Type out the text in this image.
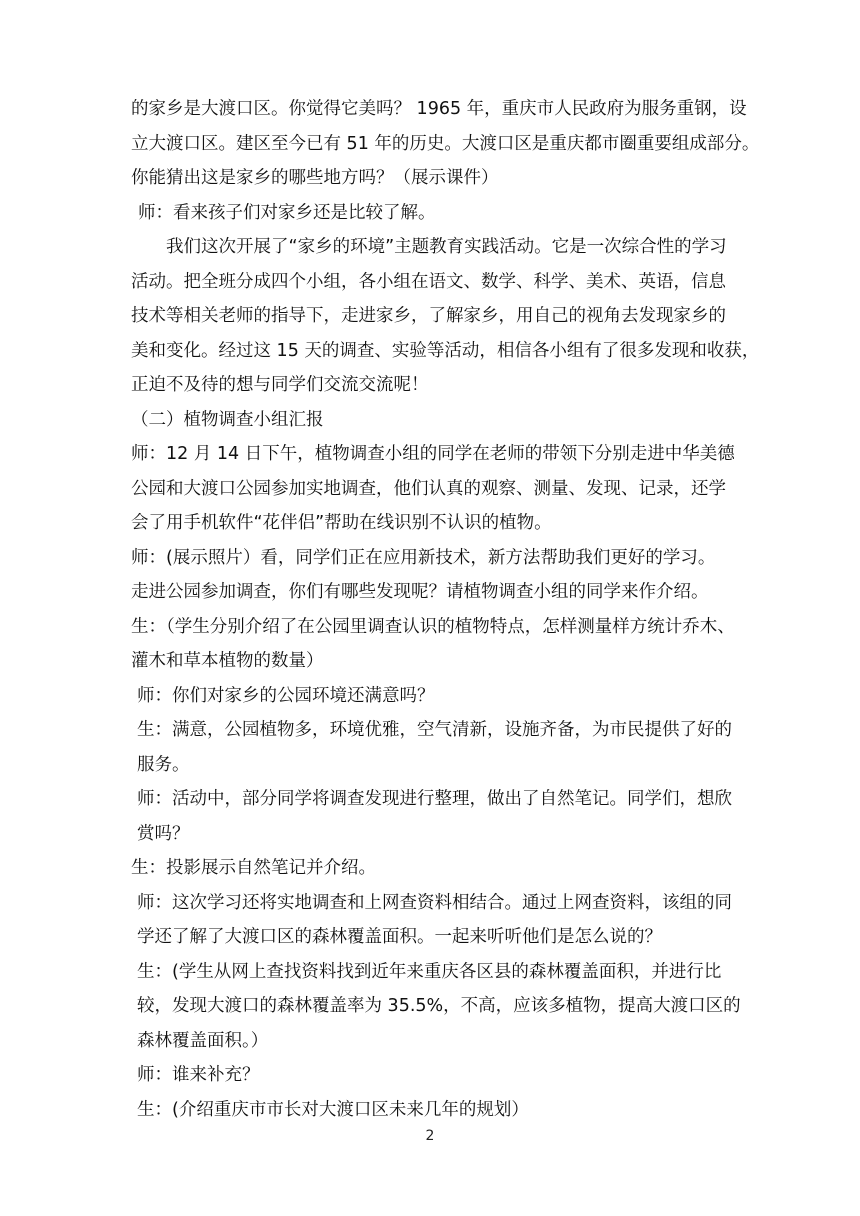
的家乡是大渡口区。你觉得它美吗？ 1965 年，重庆市人民政府为服务重钢，设
立大渡口区。建区至今已有 51 年的历史。大渡口区是重庆都市圈重要组成部分。
你能猜出这是家乡的哪些地方吗？（展示课件）
师：看来孩子们对家乡还是比较了解。
我们这次开展了“家乡的环境”主题教育实践活动。它是一次综合性的学习
活动。把全班分成四个小组，各小组在语文、数学、科学、美术、英语，信息
技术等相关老师的指导下，走进家乡，了解家乡，用自己的视角去发现家乡的
美和变化。经过这 15 天的调查、实验等活动，相信各小组有了很多发现和收获，
正迫不及待的想与同学们交流交流呢！
（二）植物调查小组汇报
师：12 月 14 日下午，植物调查小组的同学在老师的带领下分别走进中华美德
公园和大渡口公园参加实地调查，他们认真的观察、测量、发现、记录，还学
会了用手机软件“花伴侣”帮助在线识别不认识的植物。
师：(展示照片）看，同学们正在应用新技术，新方法帮助我们更好的学习。
走进公园参加调查，你们有哪些发现呢？请植物调查小组的同学来作介绍。
生：（学生分别介绍了在公园里调查认识的植物特点，怎样测量样方统计乔木、
灌木和草本植物的数量）
师：你们对家乡的公园环境还满意吗？
生：满意，公园植物多，环境优雅，空气清新，设施齐备，为市民提供了好的
服务。
师：活动中，部分同学将调查发现进行整理，做出了自然笔记。同学们，想欣
赏吗？
生：投影展示自然笔记并介绍。
师：这次学习还将实地调查和上网查资料相结合。通过上网查资料，该组的同
学还了解了大渡口区的森林覆盖面积。一起来听听他们是怎么说的？
生：(学生从网上查找资料找到近年来重庆各区县的森林覆盖面积，并进行比
较，发现大渡口的森林覆盖率为 35.5%，不高，应该多植物，提高大渡口区的
森林覆盖面积。）
师：谁来补充？
生：(介绍重庆市市长对大渡口区未来几年的规划）
2
